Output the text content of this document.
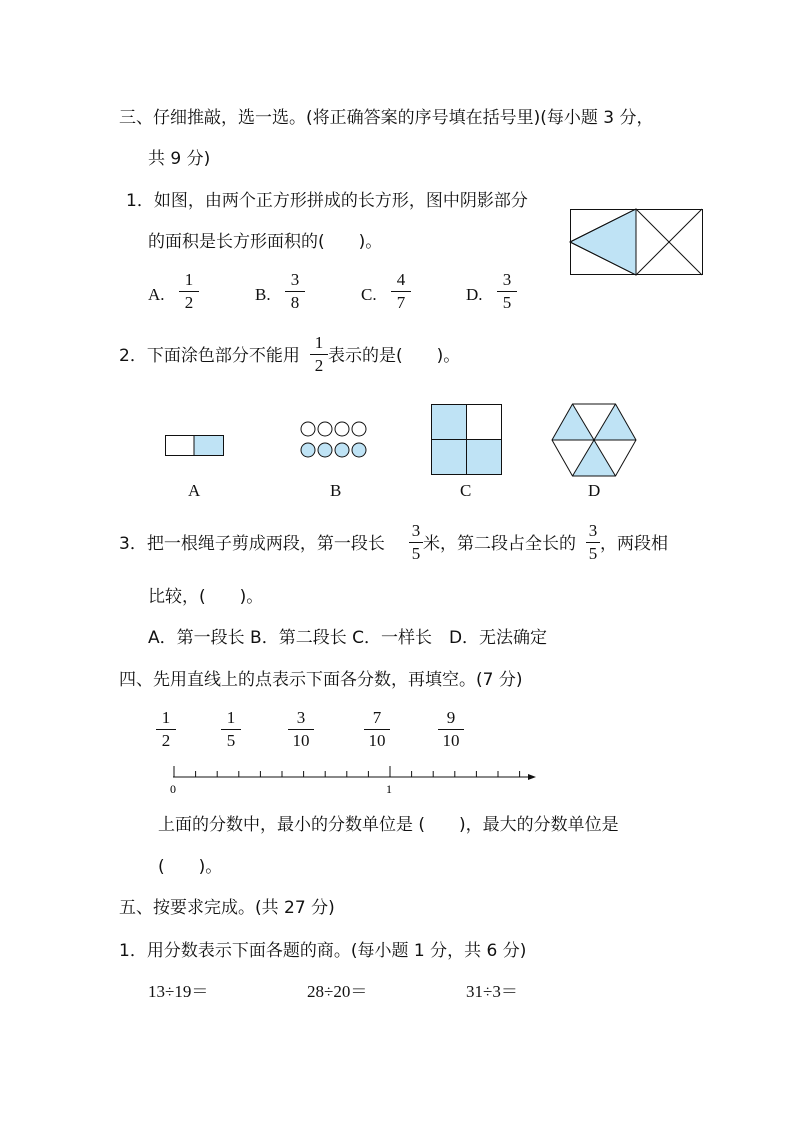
三、仔细推敲，选一选。(将正确答案的序号填在括号里)(每小题 3 分，
共 9 分)
1．如图，由两个正方形拼成的长方形，图中阴影部分
的面积是长方形面积的(　　)。
A.
1
2	B.
3
8	C.
4
7	D.
3
5
2．下面涂色部分不能用
1
2 表示的是(　　)。
A	B	C	D
3．把一根绳子剪成两段，第一段长
3
5 米，第二段占全长的
3
5 ，两段相
比较，(　　)。
A．第一段长 B．第二段长 C．一样长　D．无法确定
四、先用直线上的点表示下面各分数，再填空。(7 分)
1
2
1
5
3
10
7
10
9
10
0	1
上面的分数中，最小的分数单位是 (　　)，最大的分数单位是
(　　)。
五、按要求完成。(共 27 分)
1．用分数表示下面各题的商。(每小题 1 分，共 6 分)
13÷19＝	28÷20＝	31÷3＝
